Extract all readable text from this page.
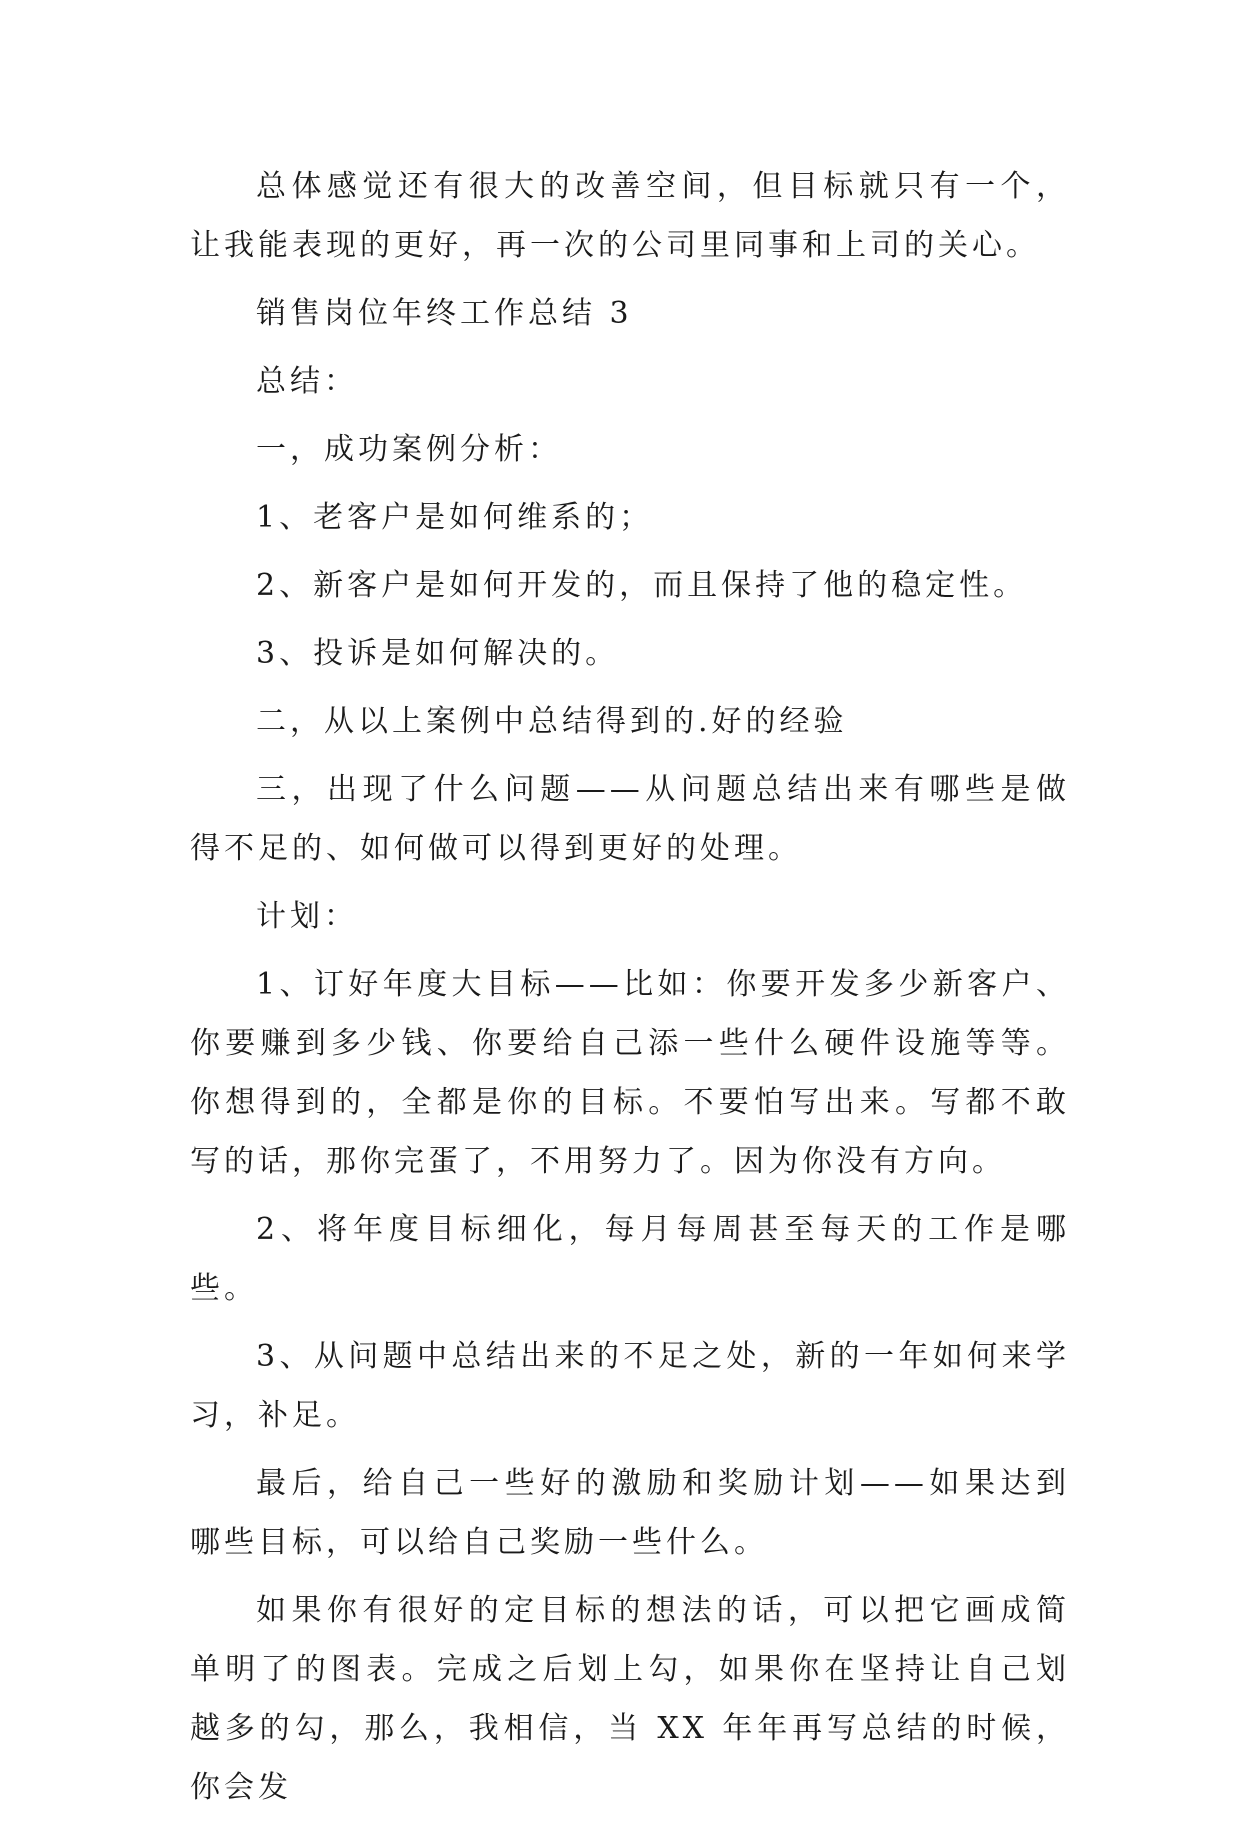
总体感觉还有很大的改善空间，但目标就只有一个，让我能表现的更好，再一次的公司里同事和上司的关心。

销售岗位年终工作总结 3

总结：

一，成功案例分析：

1、老客户是如何维系的；

2、新客户是如何开发的，而且保持了他的稳定性。

3、投诉是如何解决的。

二，从以上案例中总结得到的.好的经验

三，出现了什么问题——从问题总结出来有哪些是做得不足的、如何做可以得到更好的处理。

计划：

1、订好年度大目标——比如：你要开发多少新客户、你要赚到多少钱、你要给自己添一些什么硬件设施等等。你想得到的，全都是你的目标。不要怕写出来。写都不敢写的话，那你完蛋了，不用努力了。因为你没有方向。

2、将年度目标细化，每月每周甚至每天的工作是哪些。

3、从问题中总结出来的不足之处，新的一年如何来学习，补足。

最后，给自己一些好的激励和奖励计划——如果达到哪些目标，可以给自己奖励一些什么。

如果你有很好的定目标的想法的话，可以把它画成简单明了的图表。完成之后划上勾，如果你在坚持让自己划越多的勾，那么，我相信，当 XX 年年再写总结的时候，你会发
